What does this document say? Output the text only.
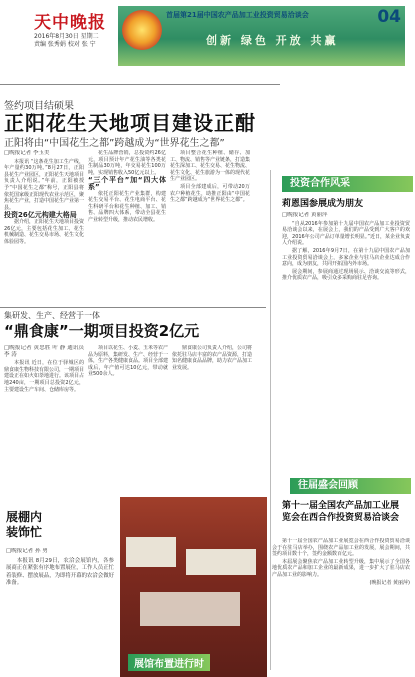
天中晚报
2016年8月30日 星期二
责编 张秀娟 校对 张 宁
首届第21届中国农产品加工业投资贸易洽谈会
创新 绿色 开放 共赢
04
签约项目结硕果
正阳花生天地项目建设正酣
正阳将由“中国花生之都”跨越成为“世界花生之都”
□晚报记者 李玉美

本报讯 “这条花生加工生产线，年产量约30万吨。”8月27日，正阳县花生产业园区，正阳花生天地项目负责人介绍说。”年前，正阳被授予“中国花生之都”称号，正阳县将依托国家级正阳现代农业示范区，聚焦花生产业，打造中国花生产业第一县。

投资26亿元构建大格局

据介绍，正阳花生天地项目投资26亿元，主要包括花生加工、花生机械制造、花生交易市场、花生文化体验园等。

花生品牌营销，总投资约26亿元，项目预计年产花生油等各类花生制品30万吨，年交易花生100万吨，实现销售收入50亿元以上。

“三个平台”加“四大体系”

依托正阳花生产业集群，构建花生交易平台、花生电商平台、花生科研平台和花生种植、加工、销售、品牌四大体系，带动全县花生产业转型升级，推动农民增收。

项目整合花生种植、储存、加工、物流、销售等产业链条，打造集花生深加工、花生交易、花生物流、花生文化、花生旅游为一体的现代花生产业园区。

项目全部建成后，可带动20万农户种植花生，助推正阳由“中国花生之都”跨越成为“世界花生之都”。

集研发、生产、经营于一体
“鼎食康”一期项目投资2亿元
□晚报记者 黄忠胜 叶 静 通讯员 李 涛

本报讯 近日，在位于驿城区的鼎食康生物科技有限公司，一期项目建设正在如火如荼地进行。该项目占地240亩，一期项目总投资2亿元，主要建设生产车间、仓储库房等。

项目以花生、小麦、玉米等农产品为原料，集研发、生产、经营于一体，生产各类健康食品。项目全部建成后，年产值可达10亿元，带动就业500余人。

鼎食康公司负责人介绍，公司将依托驻马店丰富的农产品资源，打造知名健康食品品牌，助力农产品加工业发展。

投资合作风采
莉恩国参展成为朋友
□晚报记者 黄丽萍

“自从2016年参加第十九届中国农产品加工业投资贸易洽谈会以来，在展会上，我们的产品受到广大客户的欢迎，2016年公司产品订单量增长明显。”近日，某企业负责人介绍说。

据了解，2016年9月7日，在第十九届中国农产品加工业投资贸易洽谈会上，多家企业与驻马店企业达成合作意向，成为朋友，共同开拓国内外市场。

展会期间，参展商通过现场展示、洽谈交流等形式，推介优质农产品，吸引众多采购商驻足咨询。

往届盛会回顾
第十一届全国农产品加工业展览会在西合作投资贸易洽谈会

第十一届全国农产品加工业展览会在西合作投资贸易洽谈会于在驻马店举办，围绕农产品加工业的发展，展会期间，共签约项目数十个，签约金额数百亿元。

本届展会聚焦农产品加工业转型升级，集中展示了全国各地优质农产品和加工企业的最新成果，进一步扩大了驻马店农产品加工业的影响力。

(晚报记者 黄丽萍)

展棚内
装饰忙
□晚报记者 孙 勇

本报讯 8月29日，农洽会展馆内，各参展商正在紧张有序地布置展位，工作人员正忙着装修、摆放展品，为即将开幕的农洽会做好准备。

展馆布置进行时
